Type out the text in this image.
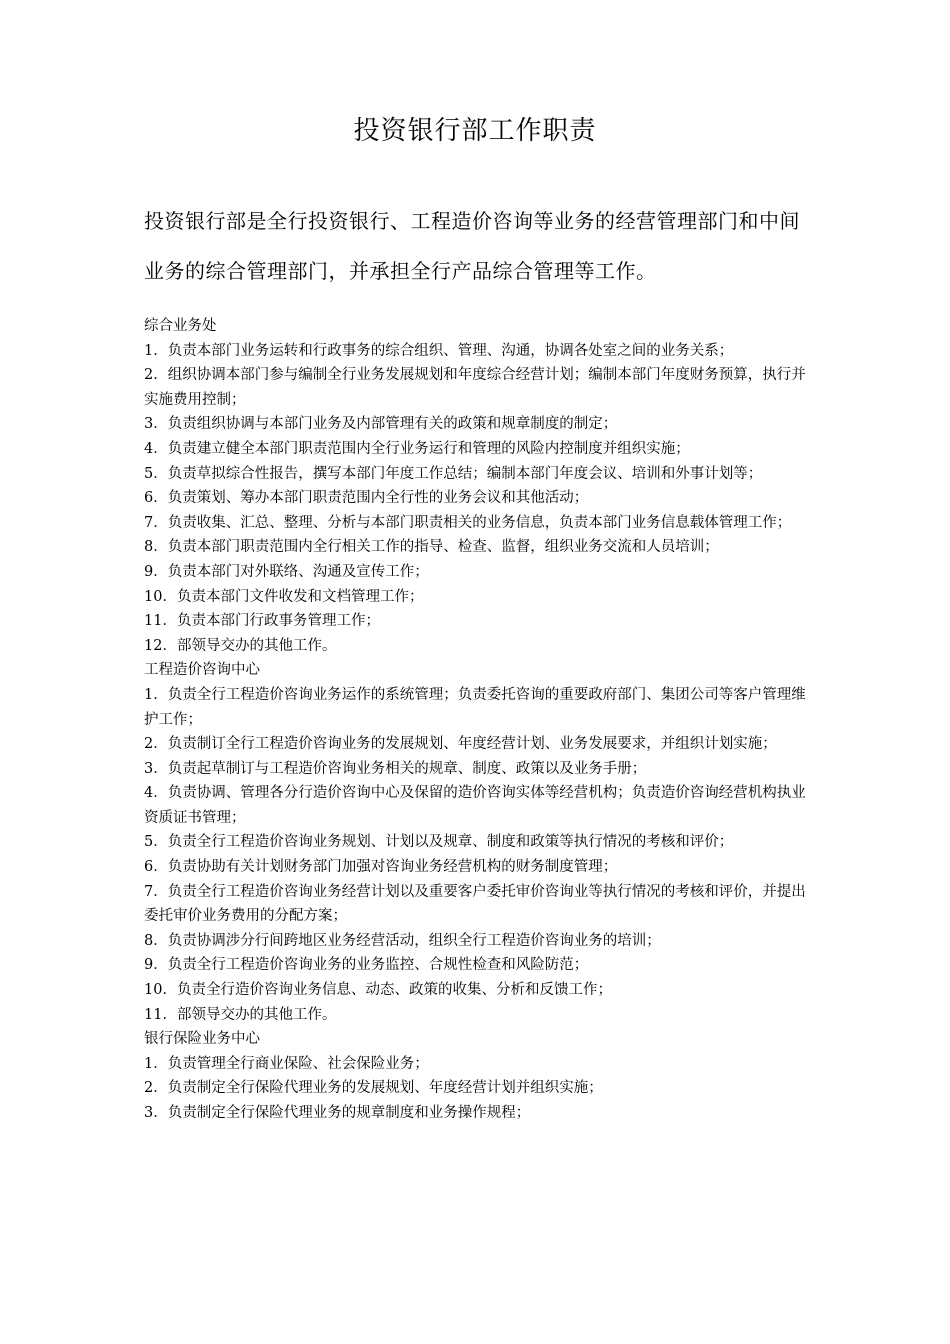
投资银行部工作职责
投资银行部是全行投资银行、工程造价咨询等业务的经营管理部门和中间业务的综合管理部门，并承担全行产品综合管理等工作。

综合业务处

1．负责本部门业务运转和行政事务的综合组织、管理、沟通，协调各处室之间的业务关系；

2．组织协调本部门参与编制全行业务发展规划和年度综合经营计划；编制本部门年度财务预算，执行并实施费用控制；

3．负责组织协调与本部门业务及内部管理有关的政策和规章制度的制定；

4．负责建立健全本部门职责范围内全行业务运行和管理的风险内控制度并组织实施；

5．负责草拟综合性报告，撰写本部门年度工作总结；编制本部门年度会议、培训和外事计划等；

6．负责策划、筹办本部门职责范围内全行性的业务会议和其他活动；

7．负责收集、汇总、整理、分析与本部门职责相关的业务信息，负责本部门业务信息载体管理工作；

8．负责本部门职责范围内全行相关工作的指导、检查、监督，组织业务交流和人员培训；

9．负责本部门对外联络、沟通及宣传工作；

10．负责本部门文件收发和文档管理工作；

11．负责本部门行政事务管理工作；

12．部领导交办的其他工作。

工程造价咨询中心

1．负责全行工程造价咨询业务运作的系统管理；负责委托咨询的重要政府部门、集团公司等客户管理维护工作；

2．负责制订全行工程造价咨询业务的发展规划、年度经营计划、业务发展要求，并组织计划实施；

3．负责起草制订与工程造价咨询业务相关的规章、制度、政策以及业务手册；

4．负责协调、管理各分行造价咨询中心及保留的造价咨询实体等经营机构；负责造价咨询经营机构执业资质证书管理；

5．负责全行工程造价咨询业务规划、计划以及规章、制度和政策等执行情况的考核和评价；

6．负责协助有关计划财务部门加强对咨询业务经营机构的财务制度管理；

7．负责全行工程造价咨询业务经营计划以及重要客户委托审价咨询业等执行情况的考核和评价，并提出委托审价业务费用的分配方案；

8．负责协调涉分行间跨地区业务经营活动，组织全行工程造价咨询业务的培训；

9．负责全行工程造价咨询业务的业务监控、合规性检查和风险防范；

10．负责全行造价咨询业务信息、动态、政策的收集、分析和反馈工作；

11．部领导交办的其他工作。

银行保险业务中心

1．负责管理全行商业保险、社会保险业务；

2．负责制定全行保险代理业务的发展规划、年度经营计划并组织实施；

3．负责制定全行保险代理业务的规章制度和业务操作规程；
